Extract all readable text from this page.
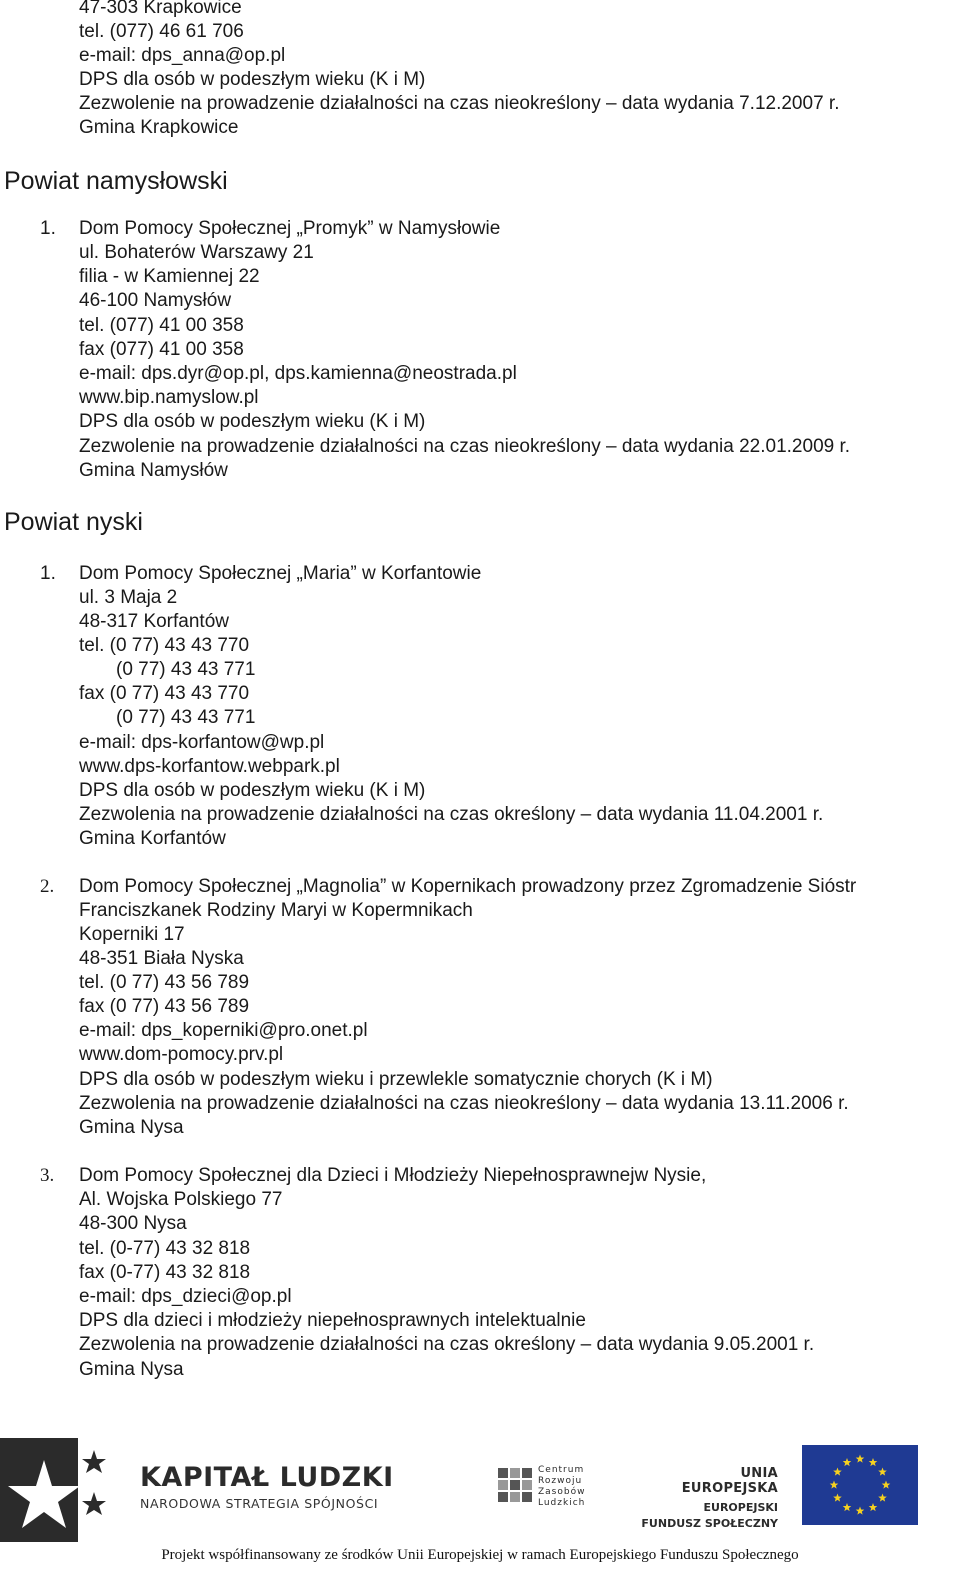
47-303 Krapkowice
tel. (077) 46 61 706
e-mail: dps_anna@op.pl
DPS dla osób w podeszłym wieku (K i M)
Zezwolenie na prowadzenie działalności na czas nieokreślony – data wydania 7.12.2007 r.
Gmina Krapkowice
Powiat namysłowski
1. Dom Pomocy Społecznej „Promyk” w Namysłowie
ul. Bohaterów Warszawy 21
filia - w Kamiennej 22
46-100 Namysłów
tel. (077) 41 00 358
fax (077) 41 00 358
e-mail: dps.dyr@op.pl, dps.kamienna@neostrada.pl
www.bip.namyslow.pl
DPS dla osób w podeszłym wieku (K i M)
Zezwolenie na prowadzenie działalności na czas nieokreślony – data wydania 22.01.2009 r.
Gmina Namysłów
Powiat nyski
1. Dom Pomocy Społecznej „Maria” w Korfantowie
ul. 3 Maja 2
48-317 Korfantów
tel. (0 77) 43 43 770
(0 77) 43 43 771
fax (0 77) 43 43 770
(0 77) 43 43 771
e-mail: dps-korfantow@wp.pl
www.dps-korfantow.webpark.pl
DPS dla osób w podeszłym wieku (K i M)
Zezwolenia na prowadzenie działalności na czas określony – data wydania 11.04.2001 r.
Gmina Korfantów
2. Dom Pomocy Społecznej „Magnolia” w Kopernikach prowadzony przez Zgromadzenie Sióstr
Franciszkanek Rodziny Maryi w Kopermnikach
Koperniki 17
48-351 Biała Nyska
tel. (0 77) 43 56 789
fax (0 77) 43 56 789
e-mail: dps_koperniki@pro.onet.pl
www.dom-pomocy.prv.pl
DPS dla osób w podeszłym wieku i przewlekle somatycznie chorych (K i M)
Zezwolenia na prowadzenie działalności na czas nieokreślony – data wydania 13.11.2006 r.
Gmina Nysa
3. Dom Pomocy Społecznej dla Dzieci i Młodzieży Niepełnosprawnejw Nysie,
Al. Wojska Polskiego 77
48-300 Nysa
tel. (0-77) 43 32 818
fax (0-77) 43 32 818
e-mail: dps_dzieci@op.pl
DPS dla dzieci i młodzieży niepełnosprawnych intelektualnie
Zezwolenia na prowadzenie działalności na czas określony – data wydania 9.05.2001 r.
Gmina Nysa
KAPITAŁ LUDZKI
NARODOWA STRATEGIA SPÓJNOŚCI
Centrum
Rozwoju
Zasobów
Ludzkich
UNIA EUROPEJSKA
EUROPEJSKI
FUNDUSZ SPOŁECZNY
Projekt współfinansowany ze środków Unii Europejskiej w ramach Europejskiego Funduszu Społecznego
